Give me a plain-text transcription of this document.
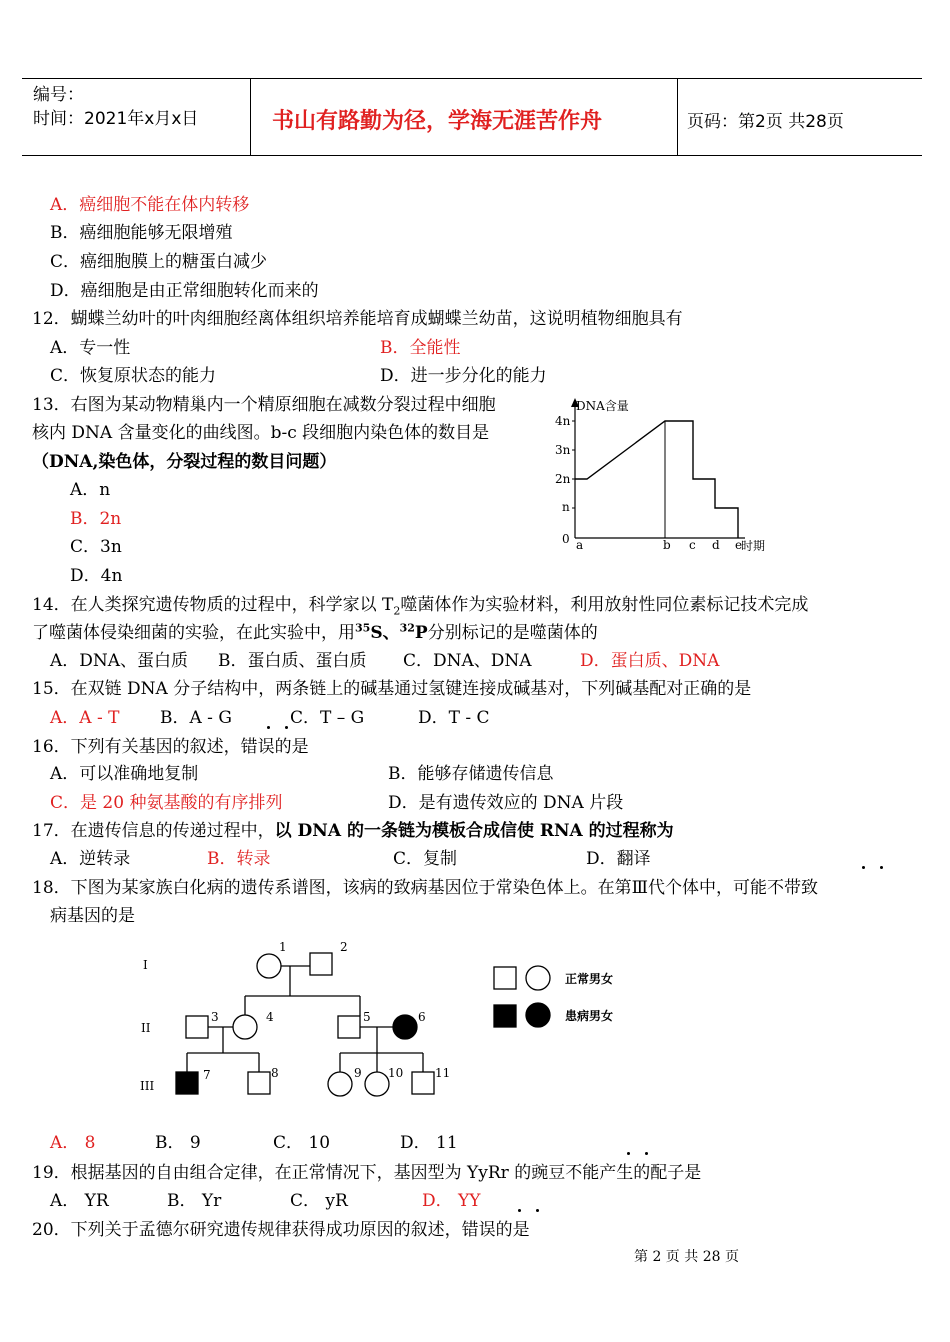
编号：
时间：2021年x月x日	书山有路勤为径，学海无涯苦作舟	页码：第2页 共28页
A．癌细胞不能在体内转移
B．癌细胞能够无限增殖
C．癌细胞膜上的糖蛋白减少
D．癌细胞是由正常细胞转化而来的
12．蝴蝶兰幼叶的叶肉细胞经离体组织培养能培育成蝴蝶兰幼苗，这说明植物细胞具有
A．专一性	B．全能性
C．恢复原状态的能力	D．进一步分化的能力
13．右图为某动物精巢内一个精原细胞在减数分裂过程中细胞
核内 DNA 含量变化的曲线图。b-c 段细胞内染色体的数目是
（DNA,染色体，分裂过程的数目问题）
A．n
B．2n
C．3n
D．4n
DNA含量
时期
4n
3n
2n
n
0 a	b c d e
14．在人类探究遗传物质的过程中，科学家以 $T_2$噬菌体作为实验材料，利用放射性同位素标记技术完成
了噬菌体侵染细菌的实验，在此实验中，用$^{35}$S、$^{32}$P分别标记的是噬菌体的
A．DNA、蛋白质 B．蛋白质、蛋白质 C．DNA、DNA	D．蛋白质、DNA
15．在双链 DNA 分子结构中，两条链上的碱基通过氢键连接成碱基对，下列碱基配对正确的是
A．A - T B．A - G	C．T – G	D．T - C
16．下列有关基因的叙述，错误的是
A．可以准确地复制	B．能够存储遗传信息
C．是 20 种氨基酸的有序排列	D．是有遗传效应的 DNA 片段
17．在遗传信息的传递过程中，以 DNA 的一条链为模板合成信使 RNA 的过程称为
A．逆转录	B．转录	C．复制	D．翻译
18．下图为某家族白化病的遗传系谱图，该病的致病基因位于常染色体上。在第Ⅲ代个体中，可能不带致
病基因的是
I
II
III
1	2
3	4	5	6
7	8	9 10	11
正常男女
患病男女
A． 8	B． 9	C． 10	D． 11
19．根据基因的自由组合定律，在正常情况下，基因型为 YyRr 的豌豆不能产生的配子是
A． YR	B． Yr	C． yR	D． YY
20．下列关于孟德尔研究遗传规律获得成功原因的叙述，错误的是
第 2 页 共 28 页
